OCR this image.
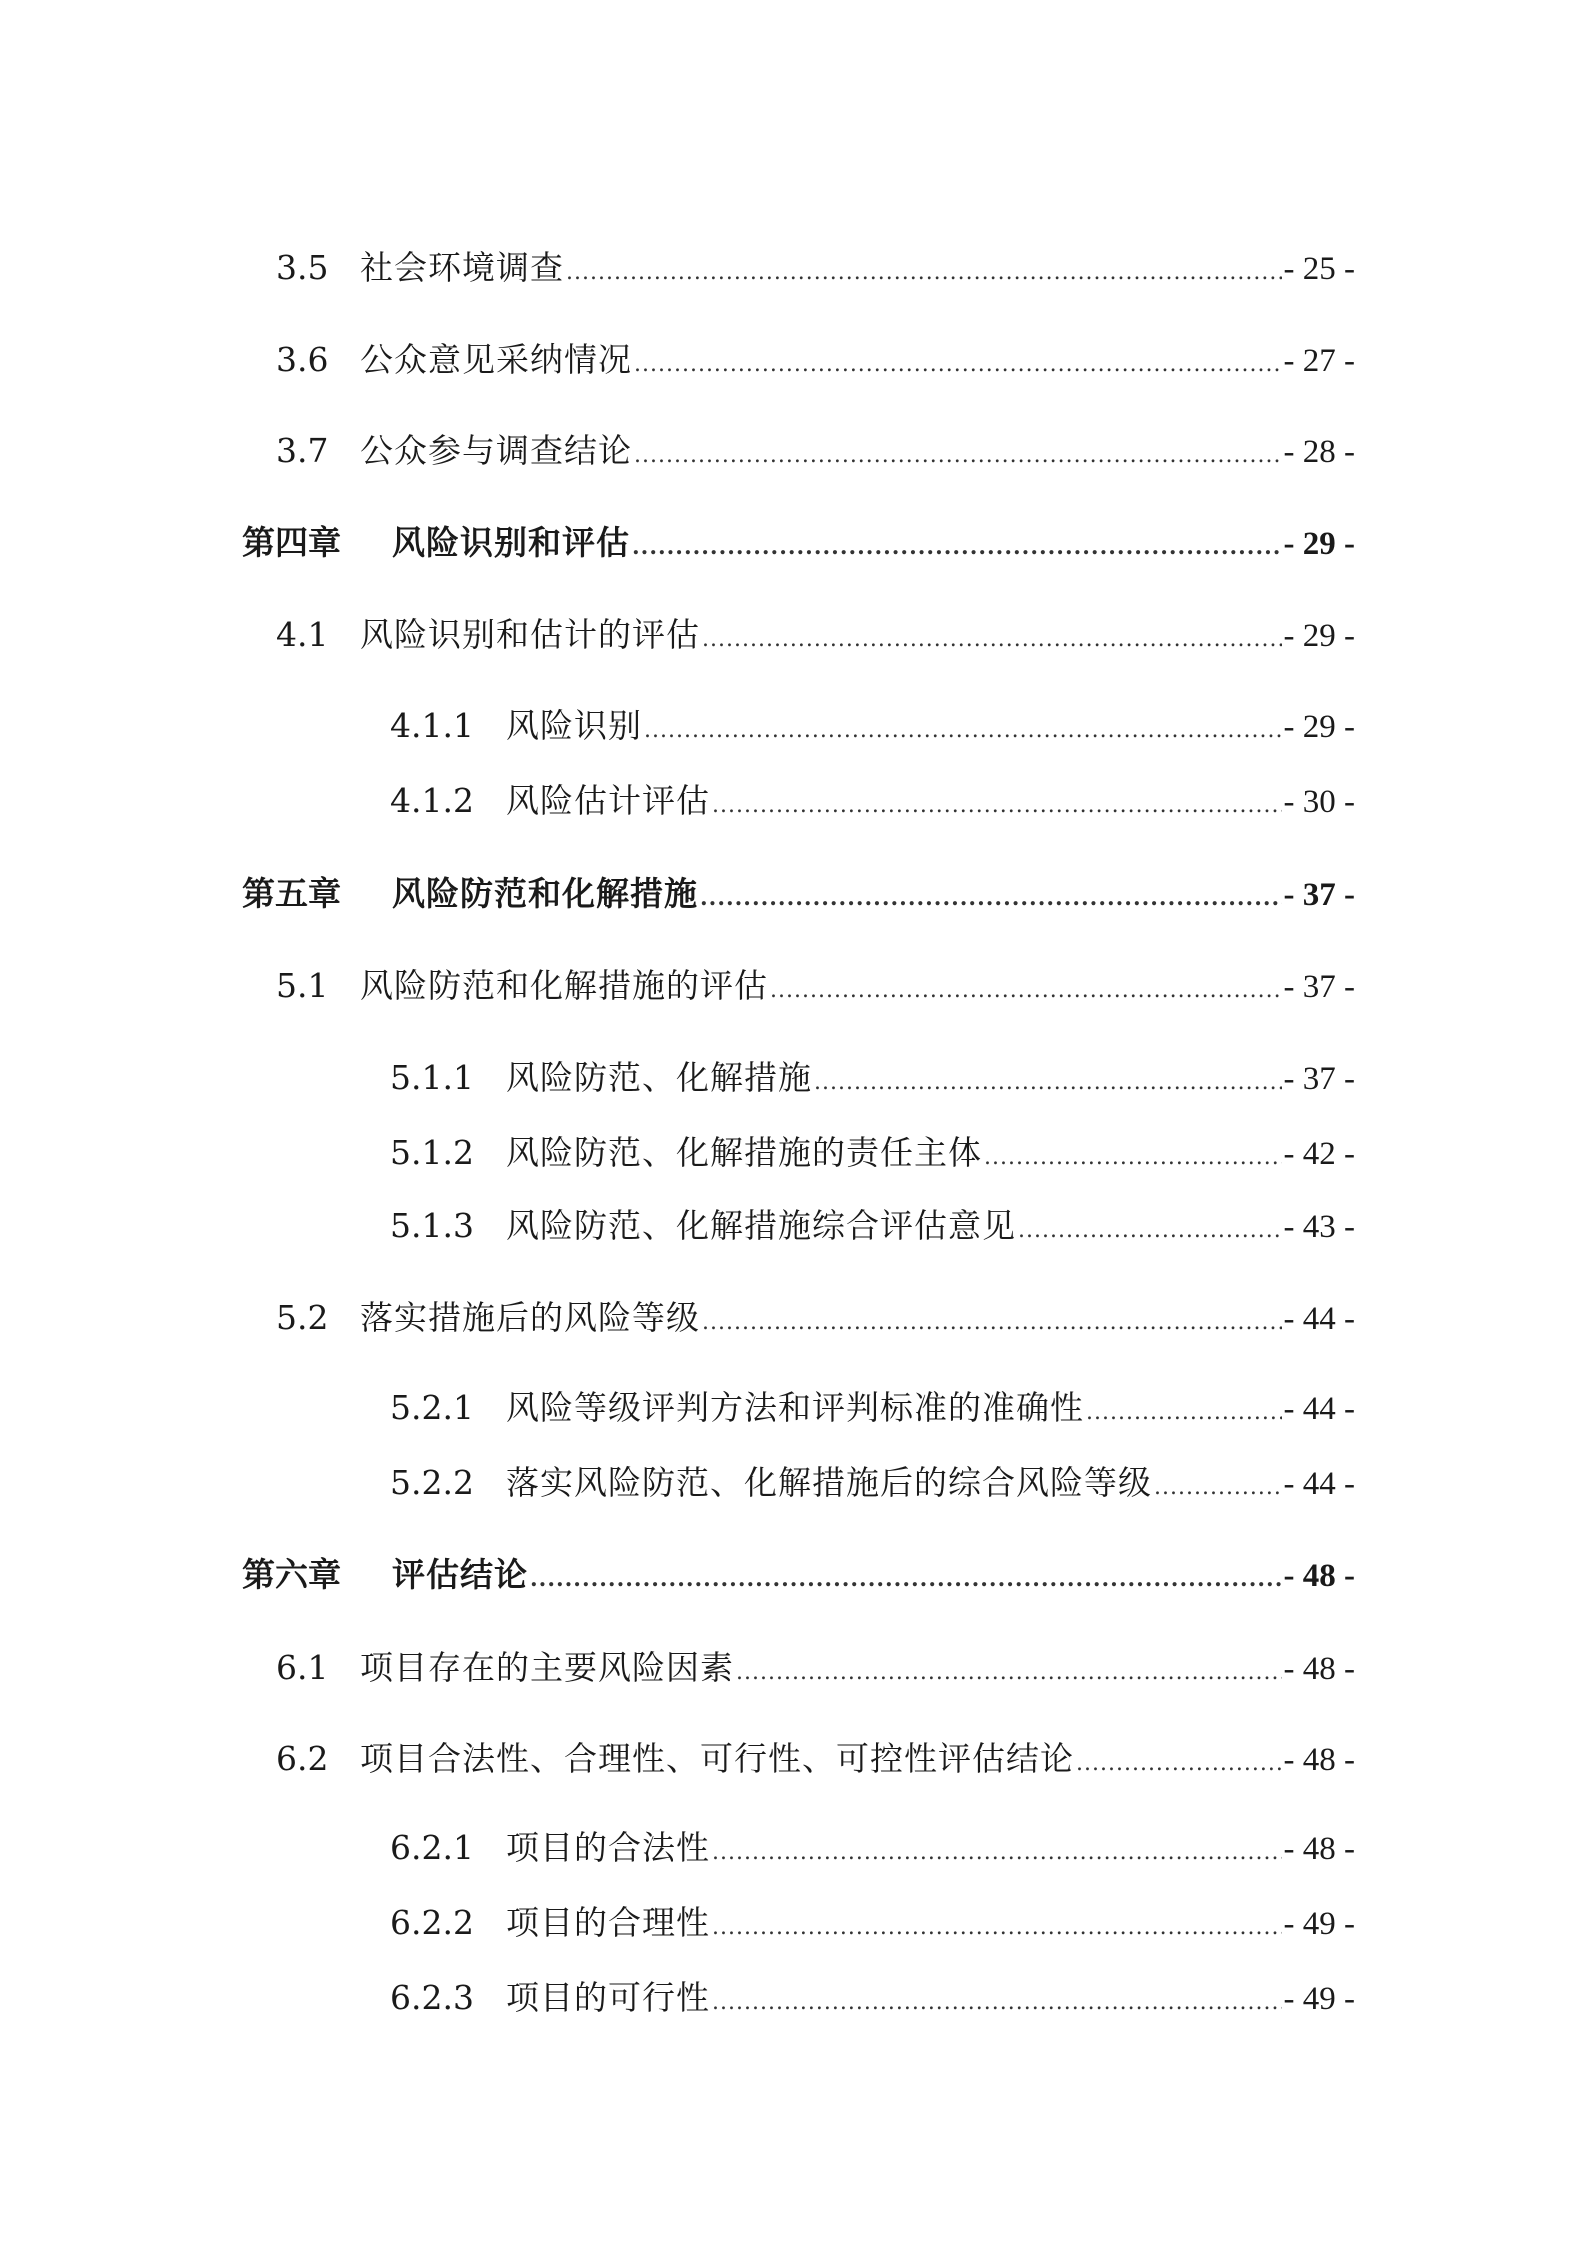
3.5 社会环境调查 .....	- 25 -
3.6 公众意见采纳情况 .....	- 27 -
3.7 公众参与调查结论 .....	- 28 -
第四章	风险识别和评估 .....	- 29 -
4.1 风险识别和估计的评估 .....	- 29 -
4.1.1 风险识别 .....	- 29 -
4.1.2 风险估计评估 .....	- 30 -
第五章	风险防范和化解措施 .....	- 37 -
5.1 风险防范和化解措施的评估 .....	- 37 -
5.1.1 风险防范、化解措施 .....	- 37 -
5.1.2 风险防范、化解措施的责任主体 .....	- 42 -
5.1.3 风险防范、化解措施综合评估意见 .....	- 43 -
5.2 落实措施后的风险等级 .....	- 44 -
5.2.1 风险等级评判方法和评判标准的准确性 .....	- 44 -
5.2.2 落实风险防范、化解措施后的综合风险等级 .....	- 44 -
第六章	评估结论 .....	- 48 -
6.1 项目存在的主要风险因素 .....	- 48 -
6.2 项目合法性、合理性、可行性、可控性评估结论 .....	- 48 -
6.2.1 项目的合法性 .....	- 48 -
6.2.2 项目的合理性 .....	- 49 -
6.2.3 项目的可行性 .....	- 49 -
